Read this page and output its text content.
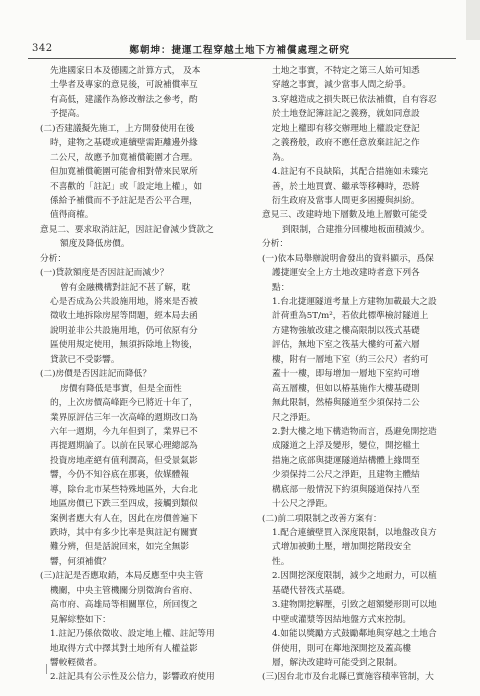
342	鄭朝坤：捷運工程穿越土地下方補償處理之研究
先進國家日本及德國之計算方式， 及本
土學者及專家的意見後，可說補償率互
有高低，建議作為修改辦法之參考，酌
予提高。
(二)否建議擬先施工，上方開發使用在後
時，建物之基礎或連續壁需距離邊外緣
二公尺，故應予加寬補償範圍才合理。
但加寬補償範圍可能會相對帶來民眾所
不喜歡的「註記」或「設定地上權」，如
係給予補償而不予註記是否公平合理，
值得商榷。
意見二、要求取消註記，因註記會減少貸款之
額度及降低房價。
分析：
(一)貸款額度是否因註記而減少？
曾有金融機構對註記不甚了解，耽
心是否成為公共設施用地，將來是否被
徵收土地拆除房屋等問題，經本局去函
說明並非公共設施用地，仍可依原有分
區使用規定使用，無須拆除地上物後，
貸款已不受影響。
(二)房價是否因註記而降低？
房價有降低是事實，但是全面性
的，上次房價高峰距今已將近十年了，
業界原評估三年一次高峰的週期改口為
六年一週期，今九年但到了，業界已不
再提週期論了。以前在民眾心理總認為
投資房地產絕有值利潤高，但受景氣影
響，今仍不知谷底在那裏，依媒體報
導，除台北市某些特殊地區外，大台北
地區房價已下跌三至四成，接觸到類似
案例者應大有人在，因此在房價普遍下
跌時，其中有多少比率是與註記有關實
難分辨，但是話說回來，如完全無影
響，何須補償？
(三)註記是否應取銷，本局反應至中央主管
機關，中央主管機關分別徵詢台省府、
高市府、高雄局等相關單位，所回復之
見解綜整如下：
1.註記乃係依徵收、設定地上權、註記等用
地取得方式中擇其對土地所有人權益影
響較輕微者。
2.註記具有公示性及公信力，影響政府使用
土地之事實，不特定之第三人始可知悉
穿越之事實，減少當事人間之紛爭。
3.穿越造成之損失既已依法補償，自有容忍
於土地登記簿註記之義務，就如同意設
定地上權即有移交辦理地上權設定登記
之義務般，政府不應任意放棄註記之作
為。
4.註記有不良缺陷，其配合措施如未臻完
善，於土地買賣、繼承等移轉時，恐將
衍生政府及當事人間更多困擾與糾紛。
意見三、改建時地下層數及地上層數可能受
到限制，合建推分回樓地板面積減少。
分析：
(一)依本局舉辦說明會發出的資料顯示，爲保
護捷運安全上方土地改建時者意下列各
點：
1.台北捷運隧道考量上方建物加載最大之設
計荷重為5T/m²，若依此標準檢討隧道上
方建物強敏改建之樓高限制以筏式基礎
評估，無地下室之筏基大樓約可蓋六層
樓，附有一層地下室（約三公尺）者約可
蓋十一樓，即每增加一層地下室約可增
高五層樓，但如以椿基施作大樓基礎則
無此限制，然椿與隧道至少須保持二公
尺之淨距。
2.對大樓之地下構造物而言，爲避免開挖造
成隧道之上浮及變形，變位，開挖檔土
措施之底部與捷運隧道結構體上緣間至
少須保持二公尺之淨距，且建物主體結
構底部一般情況下約須與隧道保持八至
十公尺之淨距。
(二)前二項限制之改善方案有：
1.配合連續壁買入深度限制，以地盤改良方
式增加被動土壓，增加開挖階段安全
性。
2.因開挖深度限制，減少之地耐力，可以植
基礎代替筏式基礎。
3.建物開挖解壓，引致之超額變形則可以地
中壁或灌漿等因結地盤方式來控制。
4.如能以獎勵方式鼓勵鄰地與穿越之土地合
併使用，則可在鄰地深開挖及蓋高樓
層，解決改建時可能受到之限制。
(三)因台北市及台北縣已實施容積率管制，大
